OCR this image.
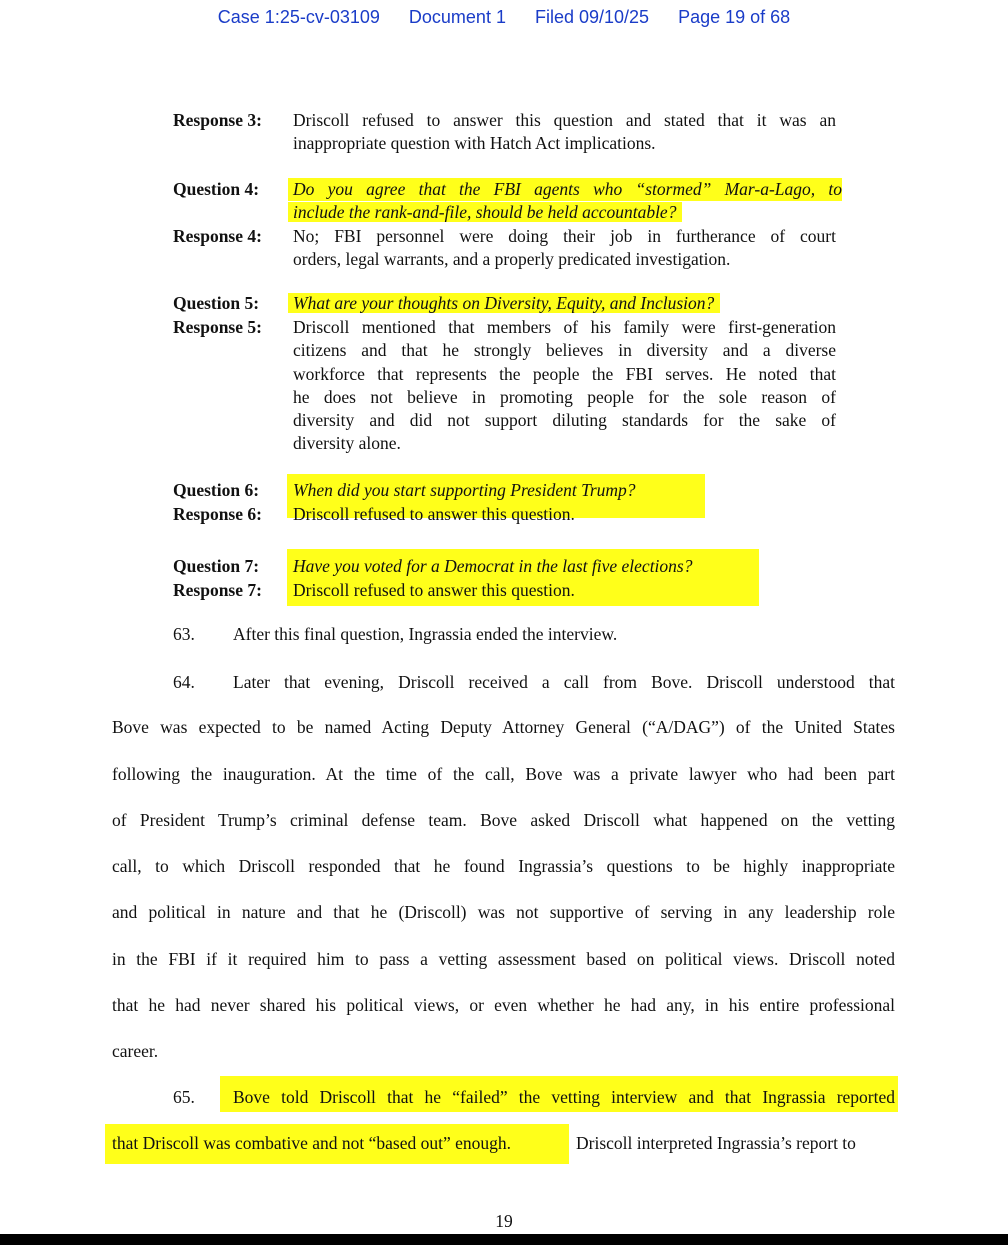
Case 1:25-cv-03109 Document 1 Filed 09/10/25 Page 19 of 68
Response 3:	Driscoll refused to answer this question and stated that it was an
inappropriate question with Hatch Act implications.
Question 4:	Do you agree that the FBI agents who “stormed” Mar-a-Lago, to
include the rank-and-file, should be held accountable?
Response 4:	No; FBI personnel were doing their job in furtherance of court
orders, legal warrants, and a properly predicated investigation.
Question 5:	What are your thoughts on Diversity, Equity, and Inclusion?
Response 5:	Driscoll mentioned that members of his family were first-generation
citizens and that he strongly believes in diversity and a diverse
workforce that represents the people the FBI serves. He noted that
he does not believe in promoting people for the sole reason of
diversity and did not support diluting standards for the sake of
diversity alone.
Question 6:	When did you start supporting President Trump?
Response 6:	Driscoll refused to answer this question.
Question 7:	Have you voted for a Democrat in the last five elections?
Response 7:	Driscoll refused to answer this question.
63. After this final question, Ingrassia ended the interview.
64. Later that evening, Driscoll received a call from Bove. Driscoll understood that
Bove was expected to be named Acting Deputy Attorney General (“A/DAG”) of the United States
following the inauguration. At the time of the call, Bove was a private lawyer who had been part
of President Trump’s criminal defense team. Bove asked Driscoll what happened on the vetting
call, to which Driscoll responded that he found Ingrassia’s questions to be highly inappropriate
and political in nature and that he (Driscoll) was not supportive of serving in any leadership role
in the FBI if it required him to pass a vetting assessment based on political views. Driscoll noted
that he had never shared his political views, or even whether he had any, in his entire professional
career.
65. Bove told Driscoll that he “failed” the vetting interview and that Ingrassia reported
that Driscoll was combative and not “based out” enough.	Driscoll interpreted Ingrassia’s report to
19
